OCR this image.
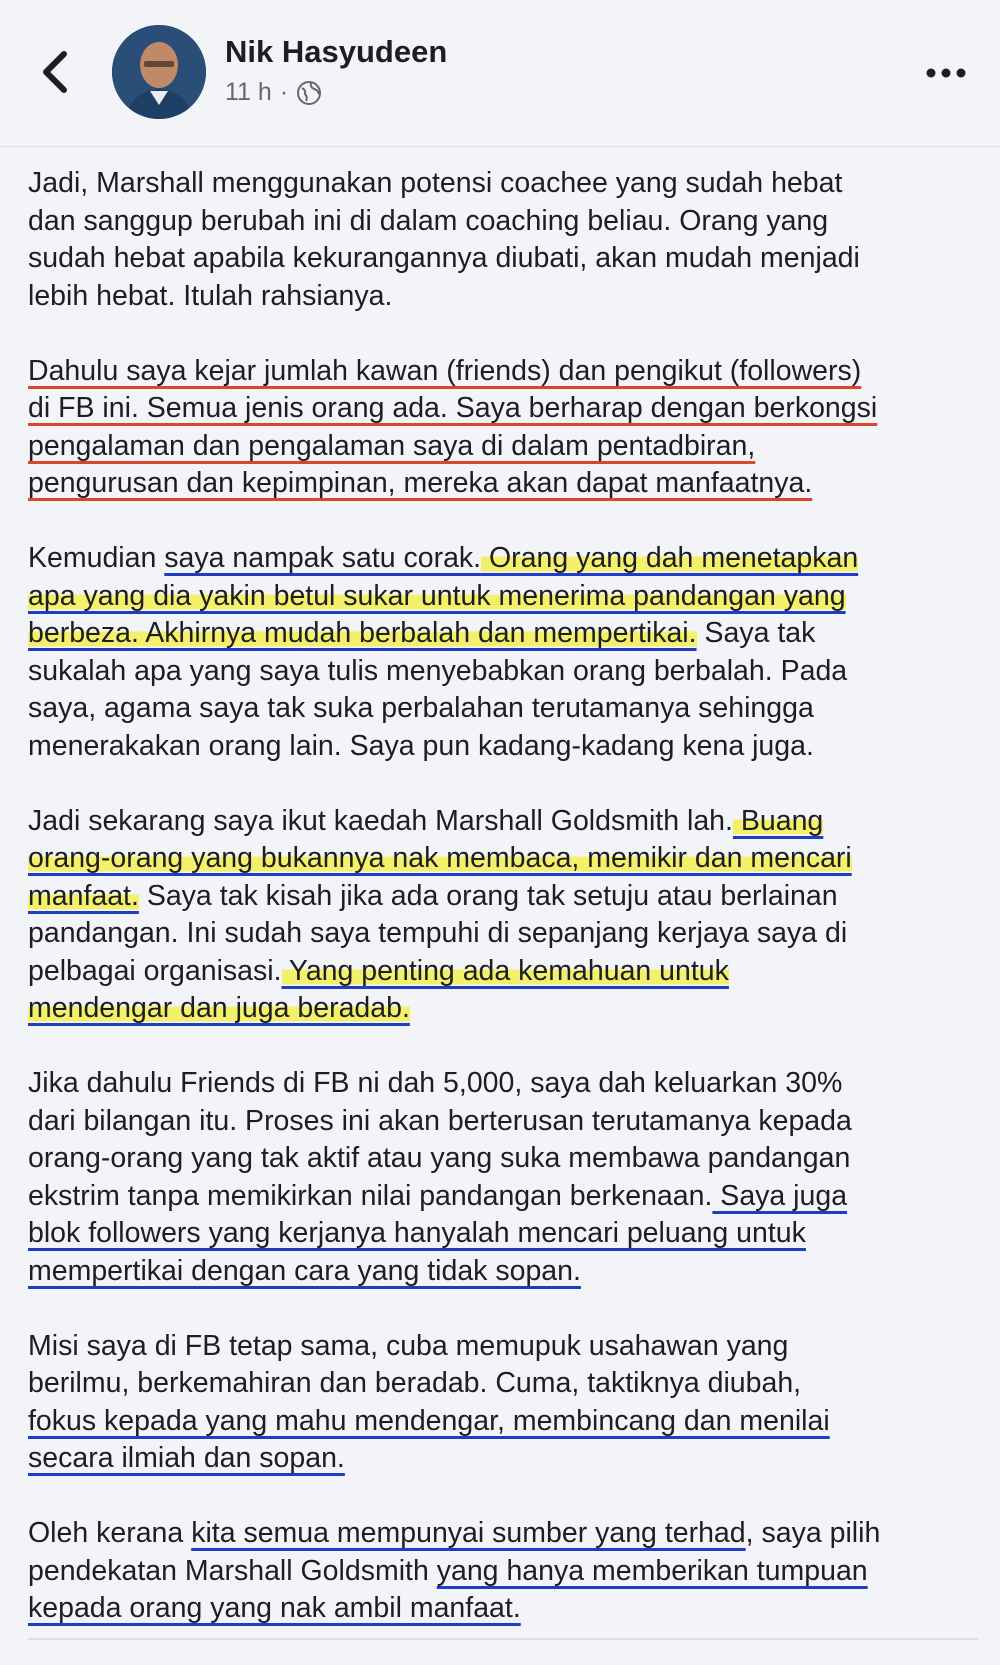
Nik Hasyudeen
11 h ·
Jadi, Marshall menggunakan potensi coachee yang sudah hebat
dan sanggup berubah ini di dalam coaching beliau. Orang yang
sudah hebat apabila kekurangannya diubati, akan mudah menjadi
lebih hebat. Itulah rahsianya.
Dahulu saya kejar jumlah kawan (friends) dan pengikut (followers)
di FB ini. Semua jenis orang ada. Saya berharap dengan berkongsi
pengalaman dan pengalaman saya di dalam pentadbiran,
pengurusan dan kepimpinan, mereka akan dapat manfaatnya.
Kemudian saya nampak satu corak. Orang yang dah menetapkan
apa yang dia yakin betul sukar untuk menerima pandangan yang
berbeza. Akhirnya mudah berbalah dan mempertikai. Saya tak
sukalah apa yang saya tulis menyebabkan orang berbalah. Pada
saya, agama saya tak suka perbalahan terutamanya sehingga
menerakakan orang lain. Saya pun kadang-kadang kena juga.
Jadi sekarang saya ikut kaedah Marshall Goldsmith lah. Buang
orang-orang yang bukannya nak membaca, memikir dan mencari
manfaat. Saya tak kisah jika ada orang tak setuju atau berlainan
pandangan. Ini sudah saya tempuhi di sepanjang kerjaya saya di
pelbagai organisasi. Yang penting ada kemahuan untuk
mendengar dan juga beradab.
Jika dahulu Friends di FB ni dah 5,000, saya dah keluarkan 30%
dari bilangan itu. Proses ini akan berterusan terutamanya kepada
orang-orang yang tak aktif atau yang suka membawa pandangan
ekstrim tanpa memikirkan nilai pandangan berkenaan. Saya juga
blok followers yang kerjanya hanyalah mencari peluang untuk
mempertikai dengan cara yang tidak sopan.
Misi saya di FB tetap sama, cuba memupuk usahawan yang
berilmu, berkemahiran dan beradab. Cuma, taktiknya diubah,
fokus kepada yang mahu mendengar, membincang dan menilai
secara ilmiah dan sopan.
Oleh kerana kita semua mempunyai sumber yang terhad, saya pilih
pendekatan Marshall Goldsmith yang hanya memberikan tumpuan
kepada orang yang nak ambil manfaat.
